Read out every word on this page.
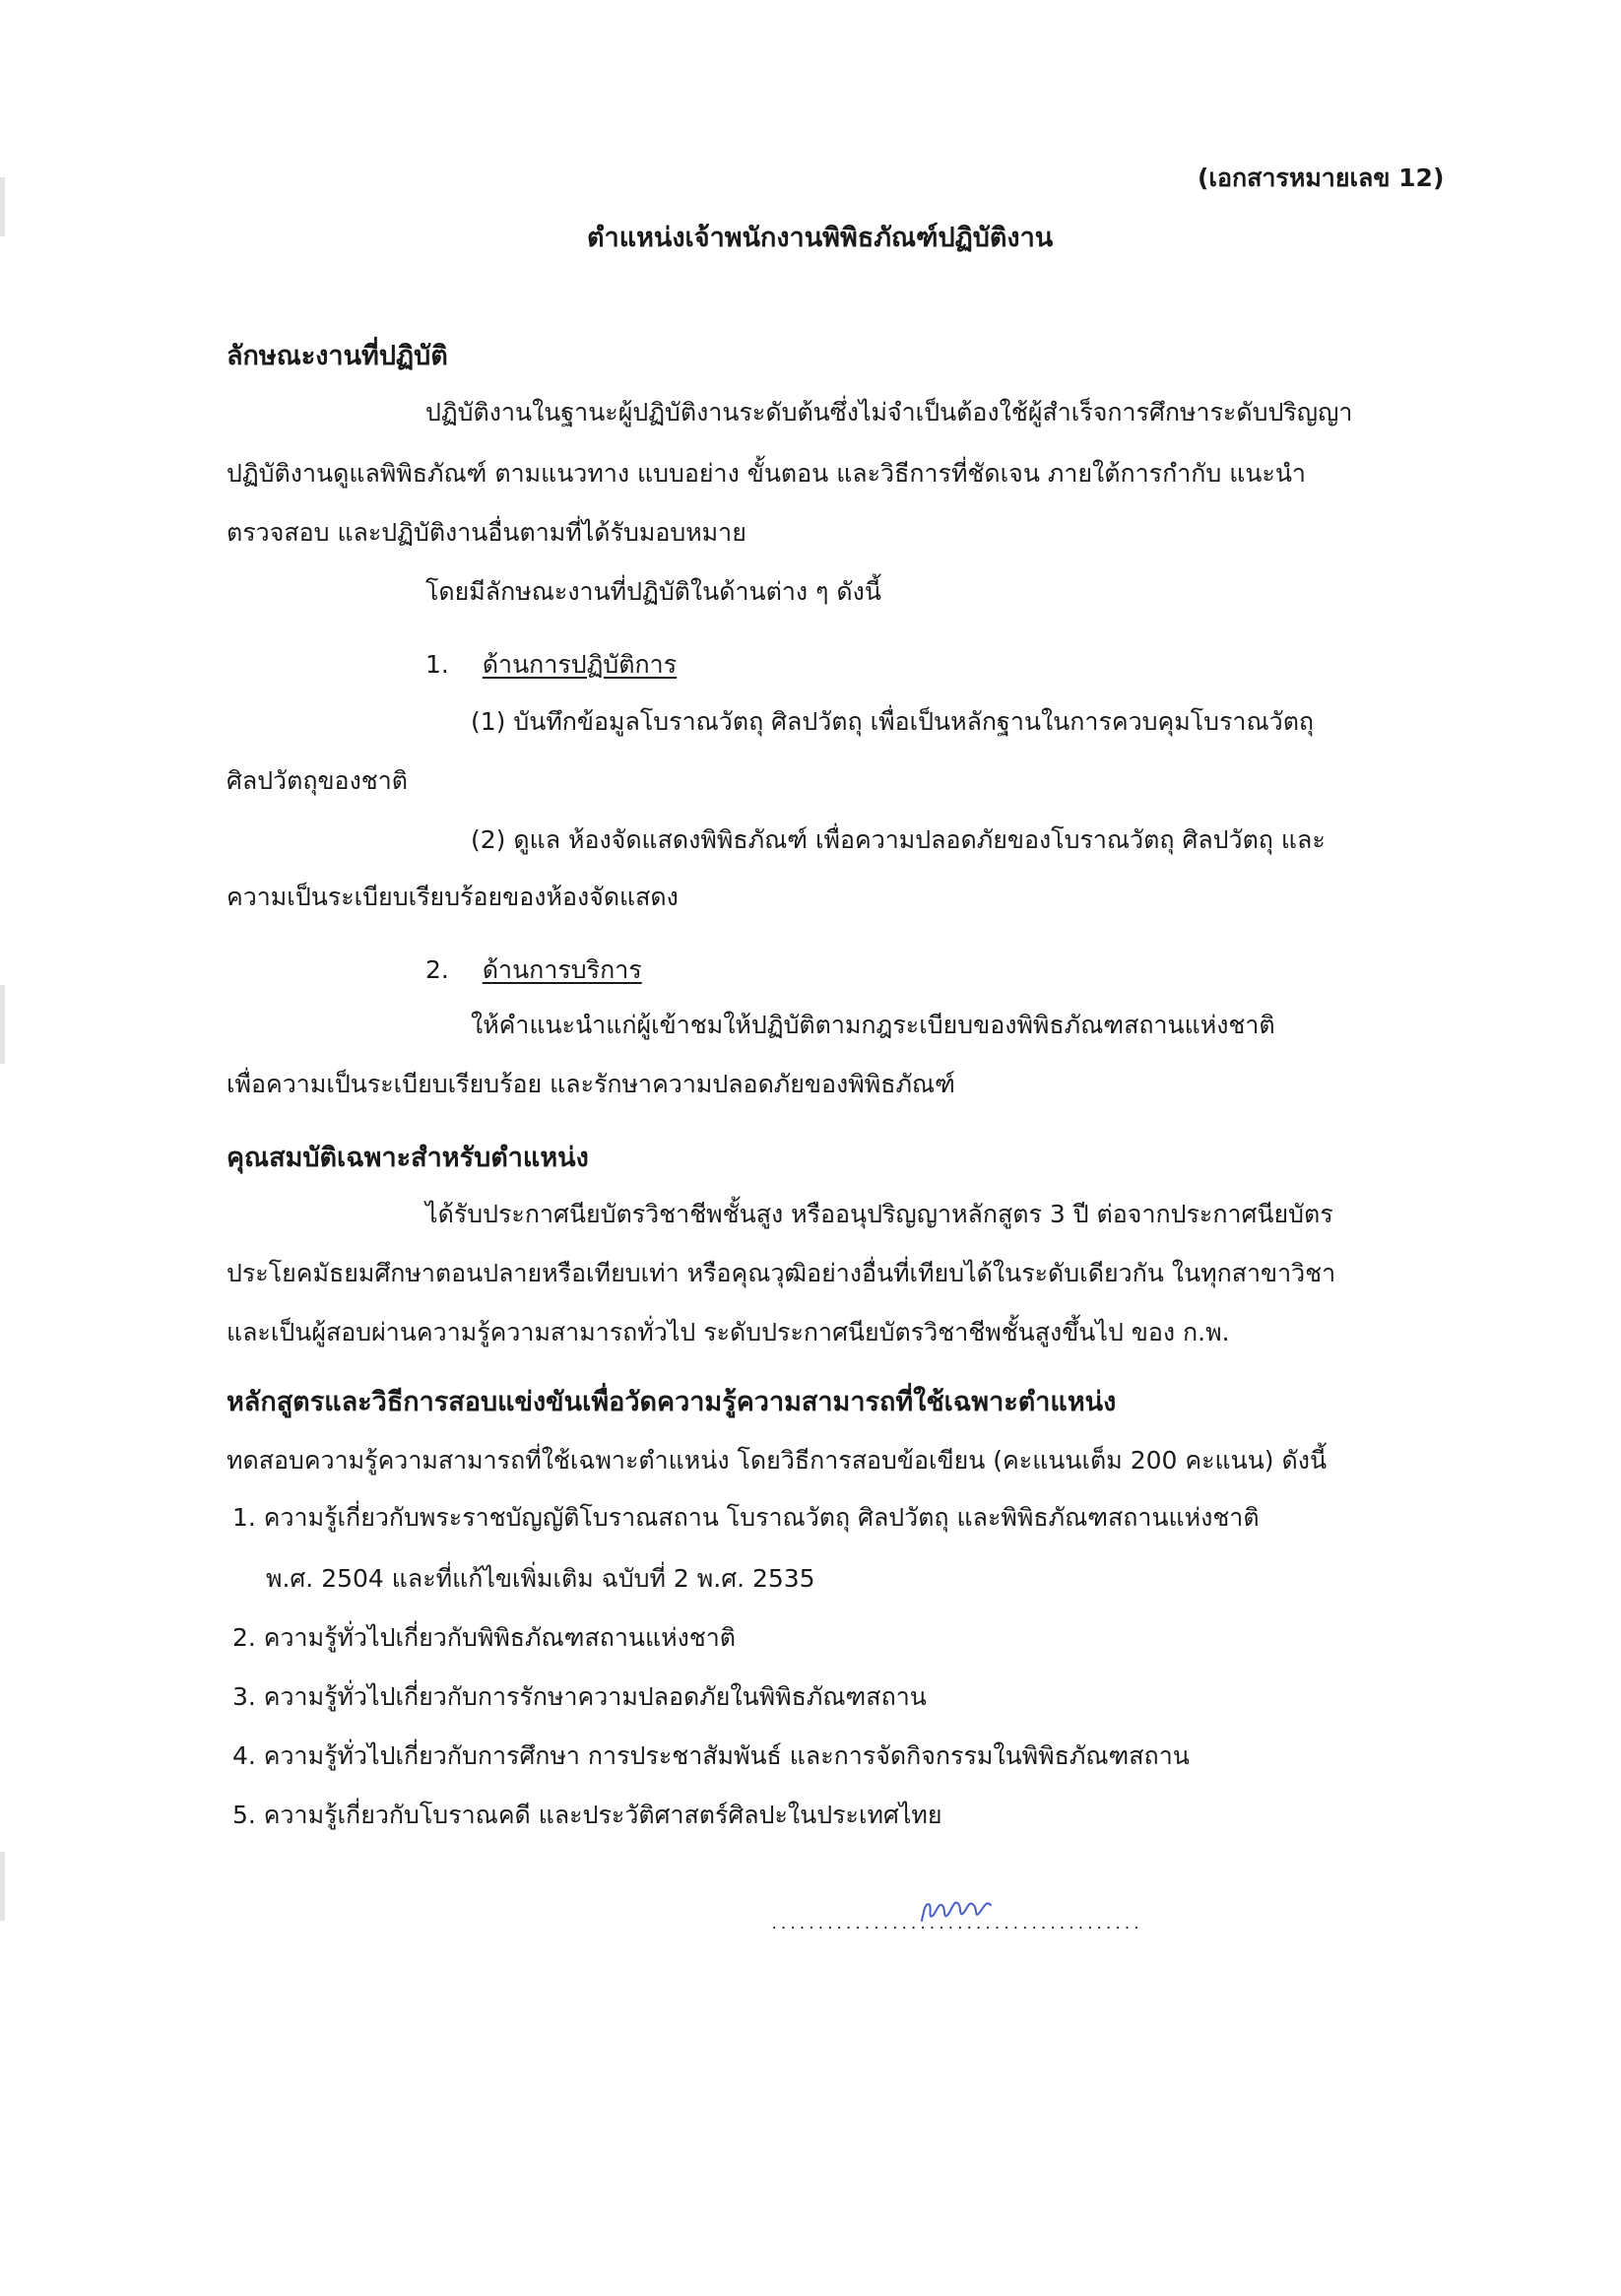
(เอกสารหมายเลข 12)
ตำแหน่งเจ้าพนักงานพิพิธภัณฑ์ปฏิบัติงาน
ลักษณะงานที่ปฏิบัติ
ปฏิบัติงานในฐานะผู้ปฏิบัติงานระดับต้นซึ่งไม่จำเป็นต้องใช้ผู้สำเร็จการศึกษาระดับปริญญา
ปฏิบัติงานดูแลพิพิธภัณฑ์ ตามแนวทาง แบบอย่าง ขั้นตอน และวิธีการที่ชัดเจน ภายใต้การกำกับ แนะนำ
ตรวจสอบ และปฏิบัติงานอื่นตามที่ได้รับมอบหมาย
โดยมีลักษณะงานที่ปฏิบัติในด้านต่าง ๆ ดังนี้
1. ด้านการปฏิบัติการ
(1) บันทึกข้อมูลโบราณวัตถุ ศิลปวัตถุ เพื่อเป็นหลักฐานในการควบคุมโบราณวัตถุ
ศิลปวัตถุของชาติ
(2) ดูแล ห้องจัดแสดงพิพิธภัณฑ์ เพื่อความปลอดภัยของโบราณวัตถุ ศิลปวัตถุ และ
ความเป็นระเบียบเรียบร้อยของห้องจัดแสดง
2. ด้านการบริการ
ให้คำแนะนำแก่ผู้เข้าชมให้ปฏิบัติตามกฎระเบียบของพิพิธภัณฑสถานแห่งชาติ
เพื่อความเป็นระเบียบเรียบร้อย และรักษาความปลอดภัยของพิพิธภัณฑ์
คุณสมบัติเฉพาะสำหรับตำแหน่ง
ได้รับประกาศนียบัตรวิชาชีพชั้นสูง หรืออนุปริญญาหลักสูตร 3 ปี ต่อจากประกาศนียบัตร
ประโยคมัธยมศึกษาตอนปลายหรือเทียบเท่า หรือคุณวุฒิอย่างอื่นที่เทียบได้ในระดับเดียวกัน ในทุกสาขาวิชา
และเป็นผู้สอบผ่านความรู้ความสามารถทั่วไป ระดับประกาศนียบัตรวิชาชีพชั้นสูงขึ้นไป ของ ก.พ.
หลักสูตรและวิธีการสอบแข่งขันเพื่อวัดความรู้ความสามารถที่ใช้เฉพาะตำแหน่ง
ทดสอบความรู้ความสามารถที่ใช้เฉพาะตำแหน่ง โดยวิธีการสอบข้อเขียน (คะแนนเต็ม 200 คะแนน) ดังนี้
1. ความรู้เกี่ยวกับพระราชบัญญัติโบราณสถาน โบราณวัตถุ ศิลปวัตถุ และพิพิธภัณฑสถานแห่งชาติ
พ.ศ. 2504 และที่แก้ไขเพิ่มเติม ฉบับที่ 2 พ.ศ. 2535
2. ความรู้ทั่วไปเกี่ยวกับพิพิธภัณฑสถานแห่งชาติ
3. ความรู้ทั่วไปเกี่ยวกับการรักษาความปลอดภัยในพิพิธภัณฑสถาน
4. ความรู้ทั่วไปเกี่ยวกับการศึกษา การประชาสัมพันธ์ และการจัดกิจกรรมในพิพิธภัณฑสถาน
5. ความรู้เกี่ยวกับโบราณคดี และประวัติศาสตร์ศิลปะในประเทศไทย
........................................
